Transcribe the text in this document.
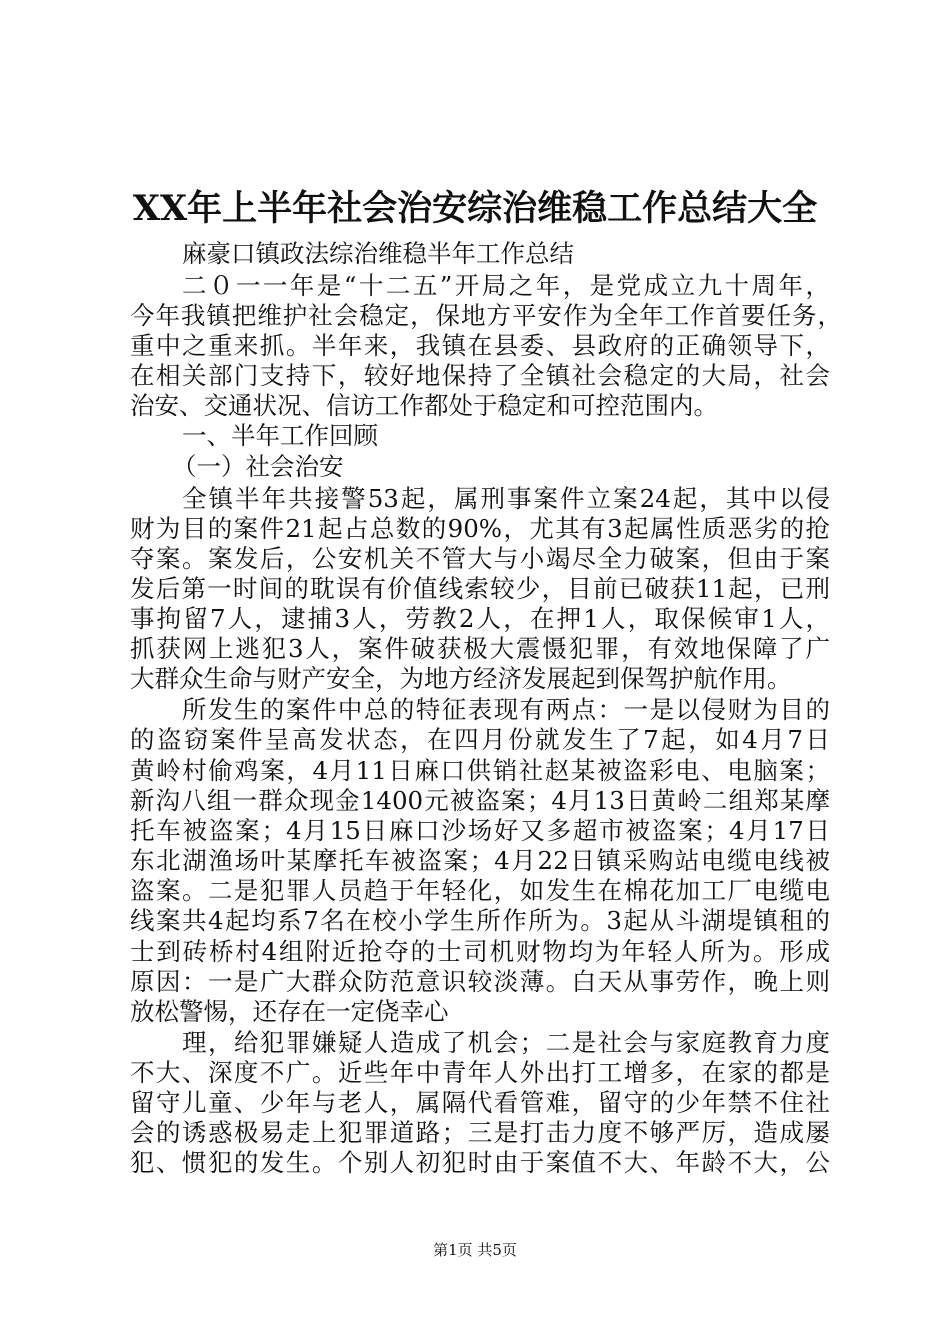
XX年上半年社会治安综治维稳工作总结大全
麻豪口镇政法综治维稳半年工作总结
二０一一年是“十二五”开局之年，是党成立九十周年，
今年我镇把维护社会稳定，保地方平安作为全年工作首要任务，
重中之重来抓。半年来，我镇在县委、县政府的正确领导下，
在相关部门支持下，较好地保持了全镇社会稳定的大局，社会
治安、交通状况、信访工作都处于稳定和可控范围内。
一、半年工作回顾
（一）社会治安
全镇半年共接警53起，属刑事案件立案24起，其中以侵
财为目的案件21起占总数的90%，尤其有3起属性质恶劣的抢
夺案。案发后，公安机关不管大与小竭尽全力破案，但由于案
发后第一时间的耽误有价值线索较少，目前已破获11起，已刑
事拘留7人，逮捕3人，劳教2人，在押1人，取保候审1人，
抓获网上逃犯3人，案件破获极大震慑犯罪，有效地保障了广
大群众生命与财产安全，为地方经济发展起到保驾护航作用。
所发生的案件中总的特征表现有两点：一是以侵财为目的
的盗窃案件呈高发状态，在四月份就发生了7起，如4月7日
黄岭村偷鸡案，4月11日麻口供销社赵某被盗彩电、电脑案；
新沟八组一群众现金1400元被盗案；4月13日黄岭二组郑某摩
托车被盗案；4月15日麻口沙场好又多超市被盗案；4月17日
东北湖渔场叶某摩托车被盗案；4月22日镇采购站电缆电线被
盗案。二是犯罪人员趋于年轻化，如发生在棉花加工厂电缆电
线案共4起均系7名在校小学生所作所为。3起从斗湖堤镇租的
士到砖桥村4组附近抢夺的士司机财物均为年轻人所为。形成
原因：一是广大群众防范意识较淡薄。白天从事劳作，晚上则
放松警惕，还存在一定侥幸心
理，给犯罪嫌疑人造成了机会；二是社会与家庭教育力度
不大、深度不广。近些年中青年人外出打工增多，在家的都是
留守儿童、少年与老人，属隔代看管难，留守的少年禁不住社
会的诱惑极易走上犯罪道路；三是打击力度不够严厉，造成屡
犯、惯犯的发生。个别人初犯时由于案值不大、年龄不大，公
第1页 共5页
